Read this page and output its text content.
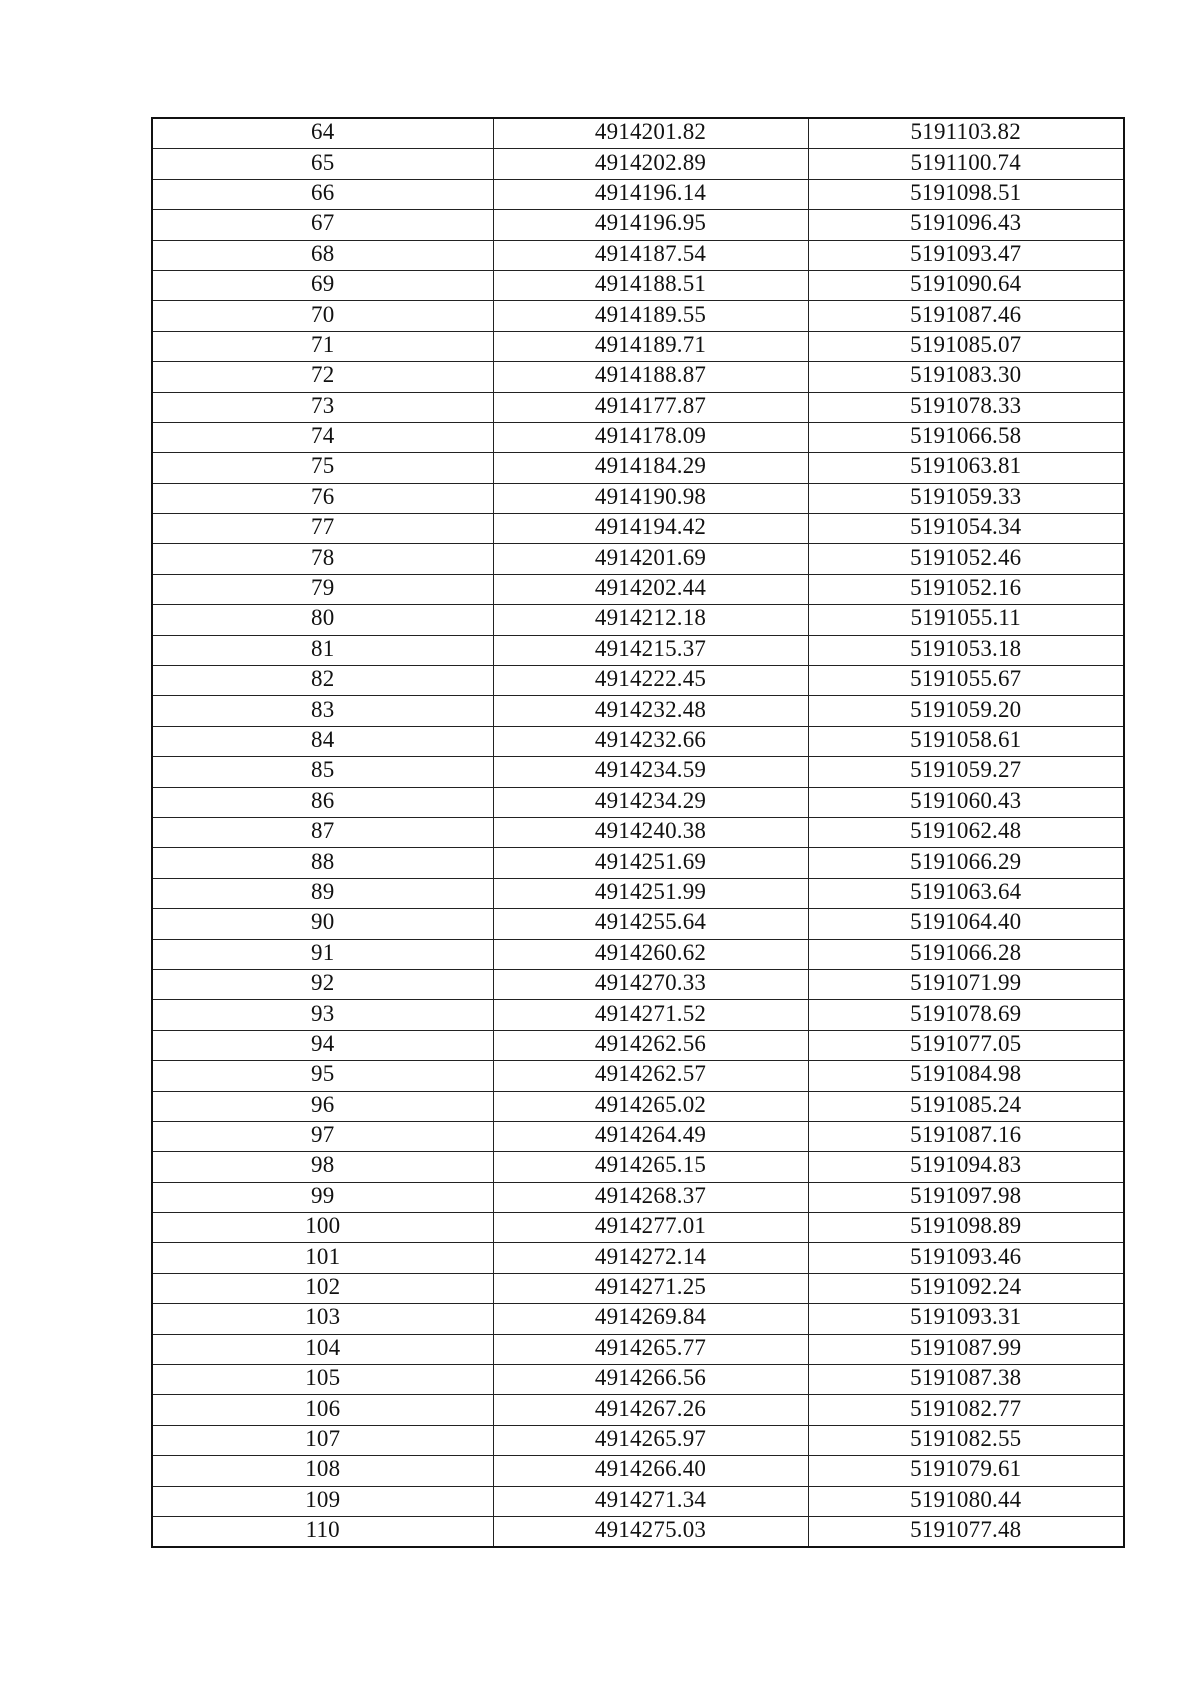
64	4914201.82	5191103.82
65	4914202.89	5191100.74
66	4914196.14	5191098.51
67	4914196.95	5191096.43
68	4914187.54	5191093.47
69	4914188.51	5191090.64
70	4914189.55	5191087.46
71	4914189.71	5191085.07
72	4914188.87	5191083.30
73	4914177.87	5191078.33
74	4914178.09	5191066.58
75	4914184.29	5191063.81
76	4914190.98	5191059.33
77	4914194.42	5191054.34
78	4914201.69	5191052.46
79	4914202.44	5191052.16
80	4914212.18	5191055.11
81	4914215.37	5191053.18
82	4914222.45	5191055.67
83	4914232.48	5191059.20
84	4914232.66	5191058.61
85	4914234.59	5191059.27
86	4914234.29	5191060.43
87	4914240.38	5191062.48
88	4914251.69	5191066.29
89	4914251.99	5191063.64
90	4914255.64	5191064.40
91	4914260.62	5191066.28
92	4914270.33	5191071.99
93	4914271.52	5191078.69
94	4914262.56	5191077.05
95	4914262.57	5191084.98
96	4914265.02	5191085.24
97	4914264.49	5191087.16
98	4914265.15	5191094.83
99	4914268.37	5191097.98
100	4914277.01	5191098.89
101	4914272.14	5191093.46
102	4914271.25	5191092.24
103	4914269.84	5191093.31
104	4914265.77	5191087.99
105	4914266.56	5191087.38
106	4914267.26	5191082.77
107	4914265.97	5191082.55
108	4914266.40	5191079.61
109	4914271.34	5191080.44
110	4914275.03	5191077.48
